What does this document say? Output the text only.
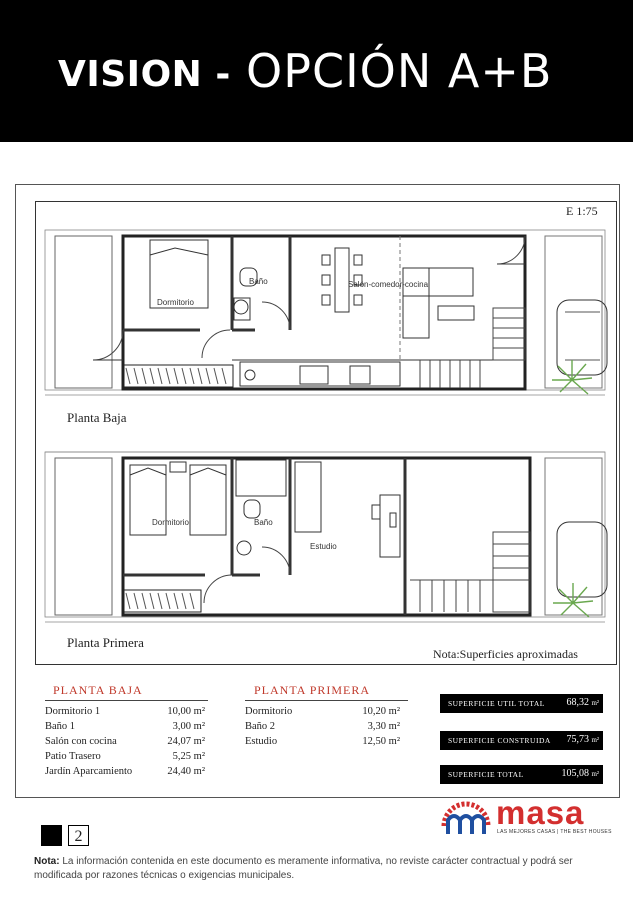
VISION - OPCIÓN A+B
E 1:75
Dormitorio
Baño	Salón-comedor-cocina
Planta Baja
Dormitorio	Baño
Estudio
Planta Primera
Nota:Superficies aproximadas
PLANTA BAJA
Dormitorio 1	10,00 m²
Baño 1	3,00 m²
Salón con cocina	24,07 m²
Patio Trasero	5,25 m²
Jardín Aparcamiento	24,40 m²
PLANTA PRIMERA
Dormitorio	10,20 m²
Baño 2	3,30 m²
Estudio	12,50 m²
SUPERFICIE UTIL TOTAL 68,32 m²
SUPERFICIE CONSTRUIDA 75,73 m²
SUPERFICIE TOTAL	105,08 m²
masa
LAS MEJORES CASAS | THE BEST HOUSES
2
Nota: La información contenida en este documento es meramente informativa, no reviste carácter contractual y podrá ser modificada por razones técnicas o exigencias municipales.
